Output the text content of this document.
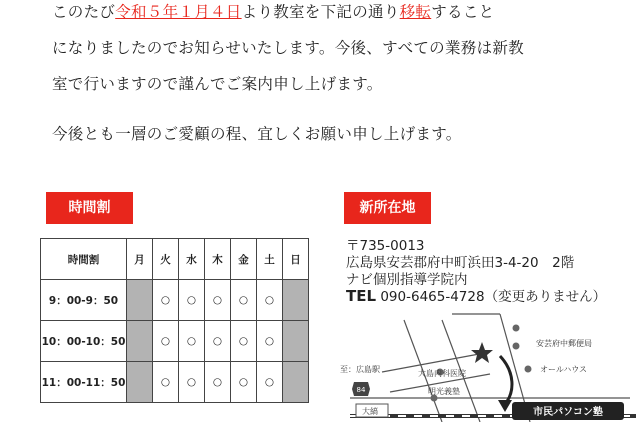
このたび令和５年１月４日より教室を下記の通り移転すること

になりましたのでお知らせいたします。今後、すべての業務は新教

室で行いますので謹んでご案内申し上げます。

今後とも一層のご愛顧の程、宜しくお願い申し上げます。

時間割	新所在地
時間割	月	火	水	木	金	土	日
9：00-9：50		○	○	○	○	○	
10：00-10：50		○	○	○	○	○	
11：00-11：50		○	○	○	○	○	

〒735-0013

広島県安芸郡府中町浜田3-4-20　2階

ナビ個別指導学院内

TEL 090-6465-4728（変更ありません）

84
至：広島駅
大縞
安芸府中郵便局
大島内科医院	オールハウス
明光義塾
市民パソコン塾
